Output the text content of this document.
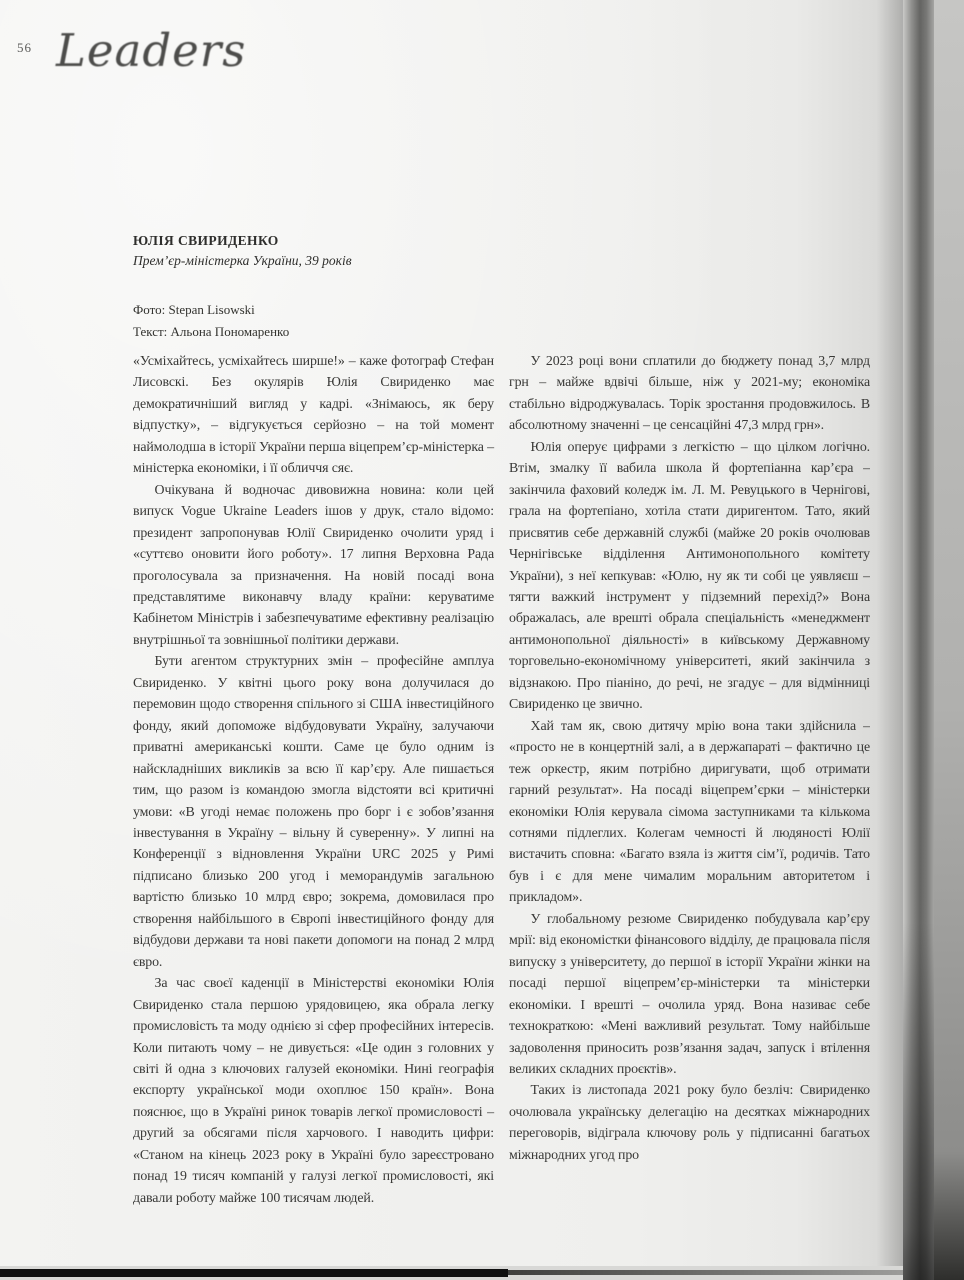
56 Leaders
ЮЛІЯ СВИРИДЕНКО
Прем’єр-міністерка України, 39 років
Фото: Stepan Lisowski
Текст: Альона Пономаренко

«Усміхайтесь, усміхайтесь ширше!» – каже фотограф Стефан Лисовскі. Без окулярів Юлія Свириденко має демократичніший вигляд у кадрі. «Знімаюсь, як беру відпустку», – відгукується серйозно – на той момент наймолодша в історії України перша віцепрем’єр-міністерка – міністерка економіки, і її обличчя сяє.

Очікувана й водночас дивовижна новина: коли цей випуск Vogue Ukraine Leaders ішов у друк, стало відомо: президент запропонував Юлії Свириденко очолити уряд і «суттєво оновити його роботу». 17 липня Верховна Рада проголосувала за призначення. На новій посаді вона представлятиме виконавчу владу країни: керуватиме Кабінетом Міністрів і забезпечуватиме ефективну реалізацію внутрішньої та зовнішньої політики держави.

Бути агентом структурних змін – професійне амплуа Свириденко. У квітні цього року вона долучилася до перемовин щодо створення спільного зі США інвестиційного фонду, який допоможе відбудовувати Україну, залучаючи приватні американські кошти. Саме це було одним із найскладніших викликів за всю її кар’єру. Але пишається тим, що разом із командою змогла відстояти всі критичні умови: «В угоді немає положень про борг і є зобов’язання інвестування в Україну – вільну й суверенну». У липні на Конференції з відновлення України URC 2025 у Римі підписано близько 200 угод і меморандумів загальною вартістю близько 10 млрд євро; зокрема, домовилася про створення найбільшого в Європі інвестиційного фонду для відбудови держави та нові пакети допомоги на понад 2 млрд євро.

За час своєї каденції в Міністерстві економіки Юлія Свириденко стала першою урядовицею, яка обрала легку промисловість та моду однією зі сфер професійних інтересів. Коли питають чому – не дивується: «Це один з головних у світі й одна з ключових галузей економіки. Нині географія експорту української моди охоплює 150 країн». Вона пояснює, що в Україні ринок товарів легкої промисловості – другий за обсягами після харчового. І наводить цифри: «Станом на кінець 2023 року в Україні було зареєстровано понад 19 тисяч компаній у галузі легкої промисловості, які давали роботу майже 100 тисячам людей.

У 2023 році вони сплатили до бюджету понад 3,7 млрд грн – майже вдвічі більше, ніж у 2021-му; економіка стабільно відроджувалась. Торік зростання продовжилось. В абсолютному значенні – це сенсаційні 47,3 млрд грн».

Юлія оперує цифрами з легкістю – що цілком логічно. Втім, змалку її вабила школа й фортепіанна кар’єра – закінчила фаховий коледж ім. Л. М. Ревуцького в Чернігові, грала на фортепіано, хотіла стати диригентом. Тато, який присвятив себе державній службі (майже 20 років очолював Чернігівське відділення Антимонопольного комітету України), з неї кепкував: «Юлю, ну як ти собі це уявляєш – тягти важкий інструмент у підземний перехід?» Вона ображалась, але врешті обрала спеціальність «менеджмент антимонопольної діяльності» в київському Державному торговельно-економічному університеті, який закінчила з відзнакою. Про піаніно, до речі, не згадує – для відмінниці Свириденко це звично.

Хай там як, свою дитячу мрію вона таки здійснила – «просто не в концертній залі, а в держапараті – фактично це теж оркестр, яким потрібно диригувати, щоб отримати гарний результат». На посаді віцепрем’єрки – міністерки економіки Юлія керувала сімома заступниками та кількома сотнями підлеглих. Колегам чемності й людяності Юлії вистачить сповна: «Багато взяла із життя сім’ї, родичів. Тато був і є для мене чималим моральним авторитетом і прикладом».

У глобальному резюме Свириденко побудувала кар’єру мрії: від економістки фінансового відділу, де працювала після випуску з університету, до першої в історії України жінки на посаді першої віцепрем’єр-міністерки та міністерки економіки. І врешті – очолила уряд. Вона називає себе технократкою: «Мені важливий результат. Тому найбільше задоволення приносить розв’язання задач, запуск і втілення великих складних проєктів».

Таких із листопада 2021 року було безліч: Свириденко очолювала українську делегацію на десятках міжнародних переговорів, відіграла ключову роль у підписанні багатьох міжнародних угод про
